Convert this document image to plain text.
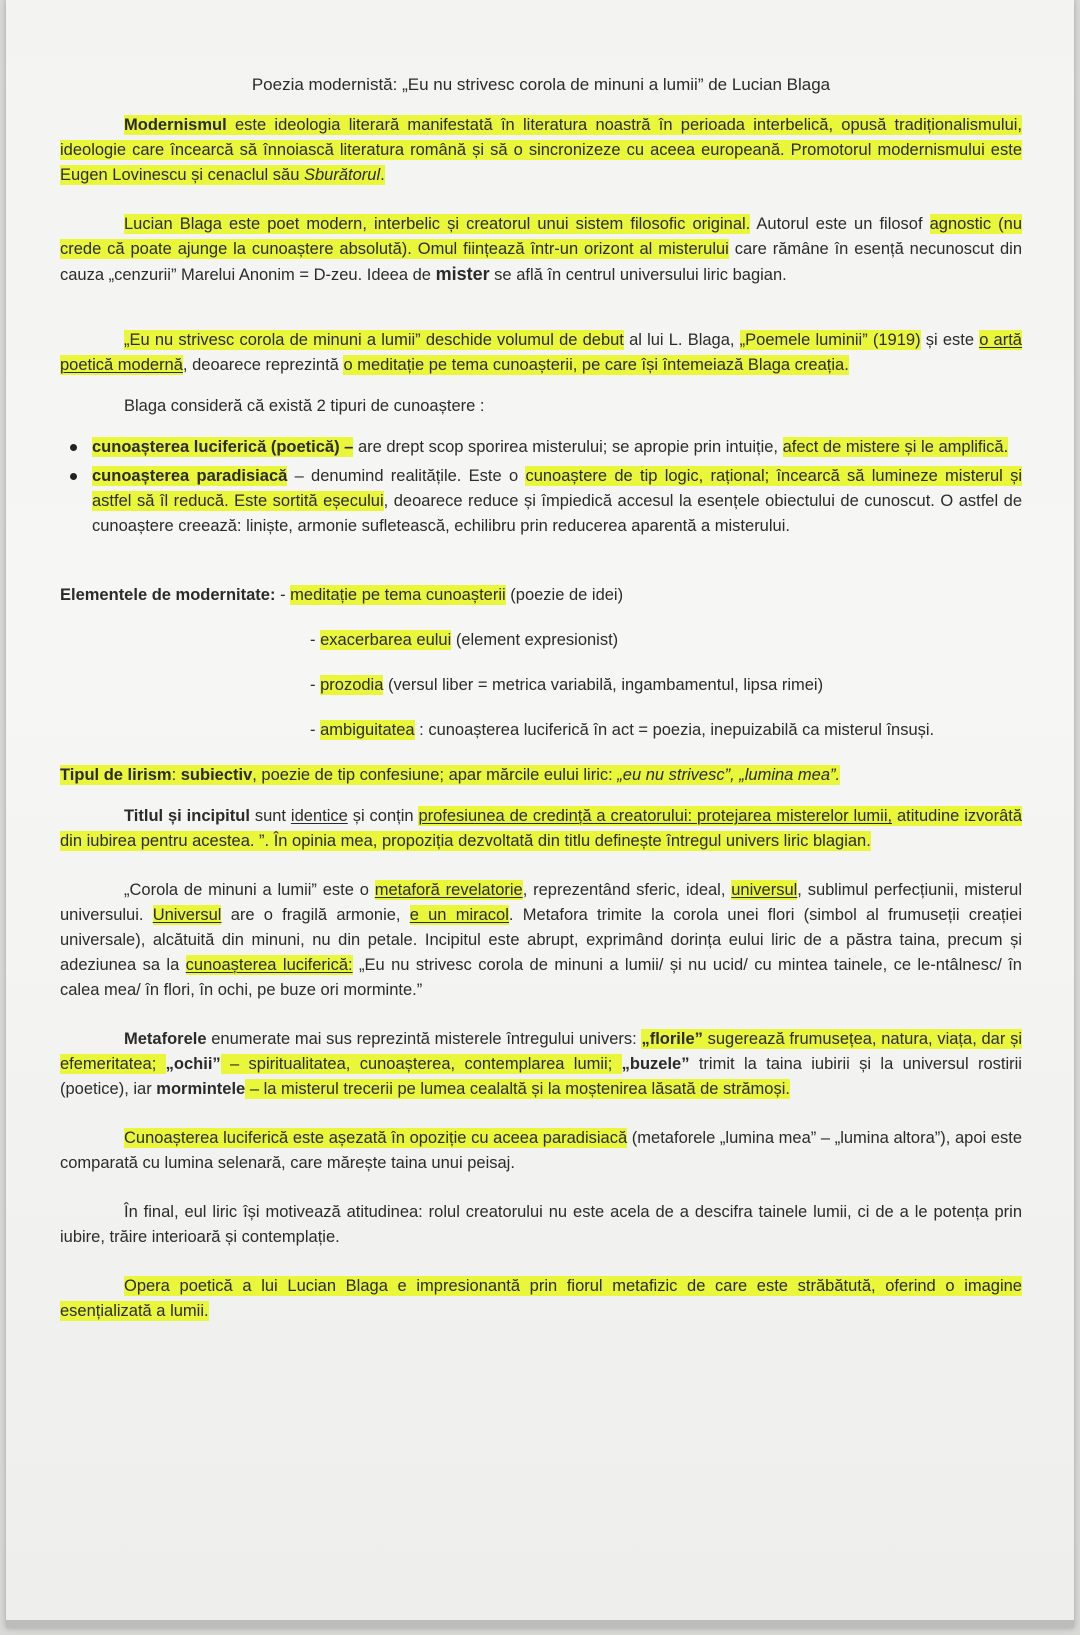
Poezia modernistă: „Eu nu strivesc corola de minuni a lumii” de Lucian Blaga

Modernismul este ideologia literară manifestată în literatura noastră în perioada interbelică, opusă tradiționalismului, ideologie care încearcă să înnoiască literatura română și să o sincronizeze cu aceea europeană. Promotorul modernismului este Eugen Lovinescu și cenaclul său Sburătorul.

Lucian Blaga este poet modern, interbelic și creatorul unui sistem filosofic original. Autorul este un filosof agnostic (nu crede că poate ajunge la cunoaștere absolută). Omul ființează într-un orizont al misterului care rămâne în esență necunoscut din cauza „cenzurii” Marelui Anonim = D-zeu. Ideea de mister se află în centrul universului liric bagian.

„Eu nu strivesc corola de minuni a lumii” deschide volumul de debut al lui L. Blaga, „Poemele luminii” (1919) și este o artă poetică modernă, deoarece reprezintă o meditație pe tema cunoașterii, pe care își întemeiază Blaga creația.

Blaga consideră că există 2 tipuri de cunoaștere :

cunoașterea luciferică (poetică) – are drept scop sporirea misterului; se apropie prin intuiție, afect de mistere și le amplifică.
cunoașterea paradisiacă – denumind realitățile. Este o cunoaștere de tip logic, rațional; încearcă să lumineze misterul și astfel să îl reducă. Este sortită eșecului, deoarece reduce și împiedică accesul la esențele obiectului de cunoscut. O astfel de cunoaștere creează: liniște, armonie sufletească, echilibru prin reducerea aparentă a misterului.
Elementele de modernitate: - meditație pe tema cunoașterii (poezie de idei)
- exacerbarea eului (element expresionist)
- prozodia (versul liber = metrica variabilă, ingambamentul, lipsa rimei)
- ambiguitatea : cunoașterea luciferică în act = poezia, inepuizabilă ca misterul însuși.

Tipul de lirism: subiectiv, poezie de tip confesiune; apar mărcile eului liric: „eu nu strivesc”, „lumina mea”.

Titlul și incipitul sunt identice și conțin profesiunea de credință a creatorului: protejarea misterelor lumii, atitudine izvorâtă din iubirea pentru acestea. ”. În opinia mea, propoziția dezvoltată din titlu definește întregul univers liric blagian.

„Corola de minuni a lumii” este o metaforă revelatorie, reprezentând sferic, ideal, universul, sublimul perfecțiunii, misterul universului. Universul are o fragilă armonie, e un miracol. Metafora trimite la corola unei flori (simbol al frumuseții creației universale), alcătuită din minuni, nu din petale. Incipitul este abrupt, exprimând dorința eului liric de a păstra taina, precum și adeziunea sa la cunoașterea luciferică: „Eu nu strivesc corola de minuni a lumii/ și nu ucid/ cu mintea tainele, ce le-ntâlnesc/ în calea mea/ în flori, în ochi, pe buze ori morminte.”

Metaforele enumerate mai sus reprezintă misterele întregului univers: „florile” sugerează frumusețea, natura, viața, dar și efemeritatea; „ochii” – spiritualitatea, cunoașterea, contemplarea lumii; „buzele” trimit la taina iubirii și la universul rostirii (poetice), iar mormintele – la misterul trecerii pe lumea cealaltă și la moștenirea lăsată de strămoși.

Cunoașterea luciferică este așezată în opoziție cu aceea paradisiacă (metaforele „lumina mea” – „lumina altora”), apoi este comparată cu lumina selenară, care mărește taina unui peisaj.

În final, eul liric își motivează atitudinea: rolul creatorului nu este acela de a descifra tainele lumii, ci de a le potența prin iubire, trăire interioară și contemplație.

Opera poetică a lui Lucian Blaga e impresionantă prin fiorul metafizic de care este străbătută, oferind o imagine esențializată a lumii.
